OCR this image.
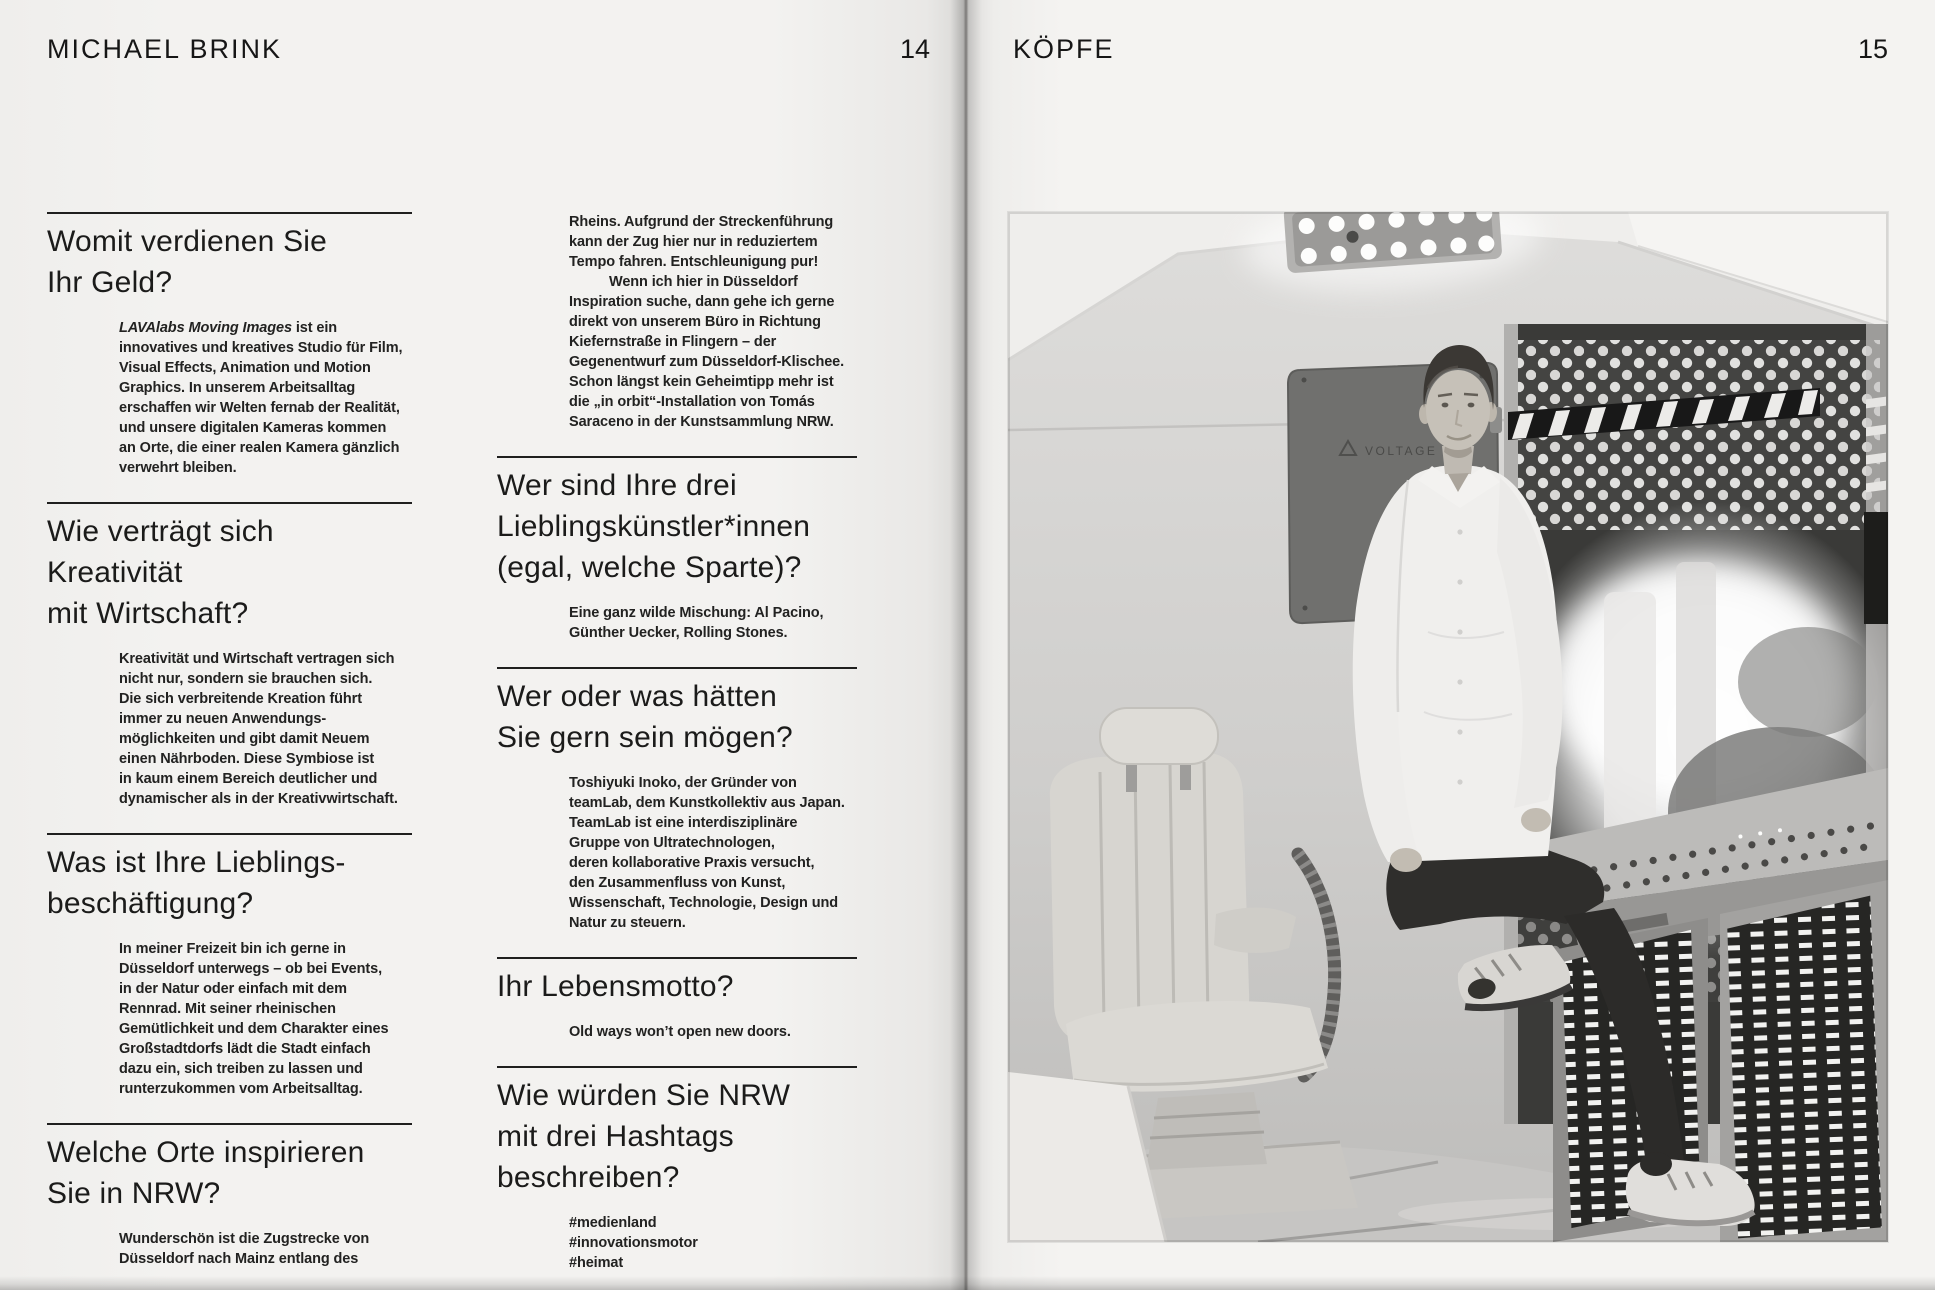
MICHAEL BRINK	14
Womit verdienen Sie
Ihr Geld?
LAVAlabs Moving Images ist ein
innovatives und kreatives Studio für Film,
Visual Effects, Animation und Motion
Graphics. In unserem Arbeitsalltag
erschaffen wir Welten fernab der Realität,
und unsere digitalen Kameras kommen
an Orte, die einer realen Kamera gänzlich
verwehrt bleiben.
Wie verträgt sich
Kreativität
mit Wirtschaft?
Kreativität und Wirtschaft vertragen sich
nicht nur, sondern sie brauchen sich.
Die sich verbreitende Kreation führt
immer zu neuen Anwendungs-
möglichkeiten und gibt damit Neuem
einen Nährboden. Diese Symbiose ist
in kaum einem Bereich deutlicher und
dynamischer als in der Kreativwirtschaft.
Was ist Ihre Lieblings-
beschäftigung?
In meiner Freizeit bin ich gerne in
Düsseldorf unterwegs – ob bei Events,
in der Natur oder einfach mit dem
Rennrad. Mit seiner rheinischen
Gemütlichkeit und dem Charakter eines
Großstadtdorfs lädt die Stadt einfach
dazu ein, sich treiben zu lassen und
runterzukommen vom Arbeitsalltag.
Welche Orte inspirieren
Sie in NRW?
Wunderschön ist die Zugstrecke von
Düsseldorf nach Mainz entlang des
Rheins. Aufgrund der Streckenführung
kann der Zug hier nur in reduziertem
Tempo fahren. Entschleunigung pur!
Wenn ich hier in Düsseldorf
Inspiration suche, dann gehe ich gerne
direkt von unserem Büro in Richtung
Kiefernstraße in Flingern – der
Gegenentwurf zum Düsseldorf-Klischee.
Schon längst kein Geheimtipp mehr ist
die „in orbit“-Installation von Tomás
Saraceno in der Kunstsammlung NRW.
Wer sind Ihre drei
Lieblingskünstler*innen
(egal, welche Sparte)?
Eine ganz wilde Mischung: Al Pacino,
Günther Uecker, Rolling Stones.
Wer oder was hätten
Sie gern sein mögen?
Toshiyuki Inoko, der Gründer von
teamLab, dem Kunstkollektiv aus Japan.
TeamLab ist eine interdisziplinäre
Gruppe von Ultratechnologen,
deren kollaborative Praxis versucht,
den Zusammenfluss von Kunst,
Wissenschaft, Technologie, Design und
Natur zu steuern.
Ihr Lebensmotto?
Old ways won’t open new doors.
Wie würden Sie NRW
mit drei Hashtags
beschreiben?
#medienland
#innovationsmotor
#heimat
KÖPFE	15
VOLTAGE
